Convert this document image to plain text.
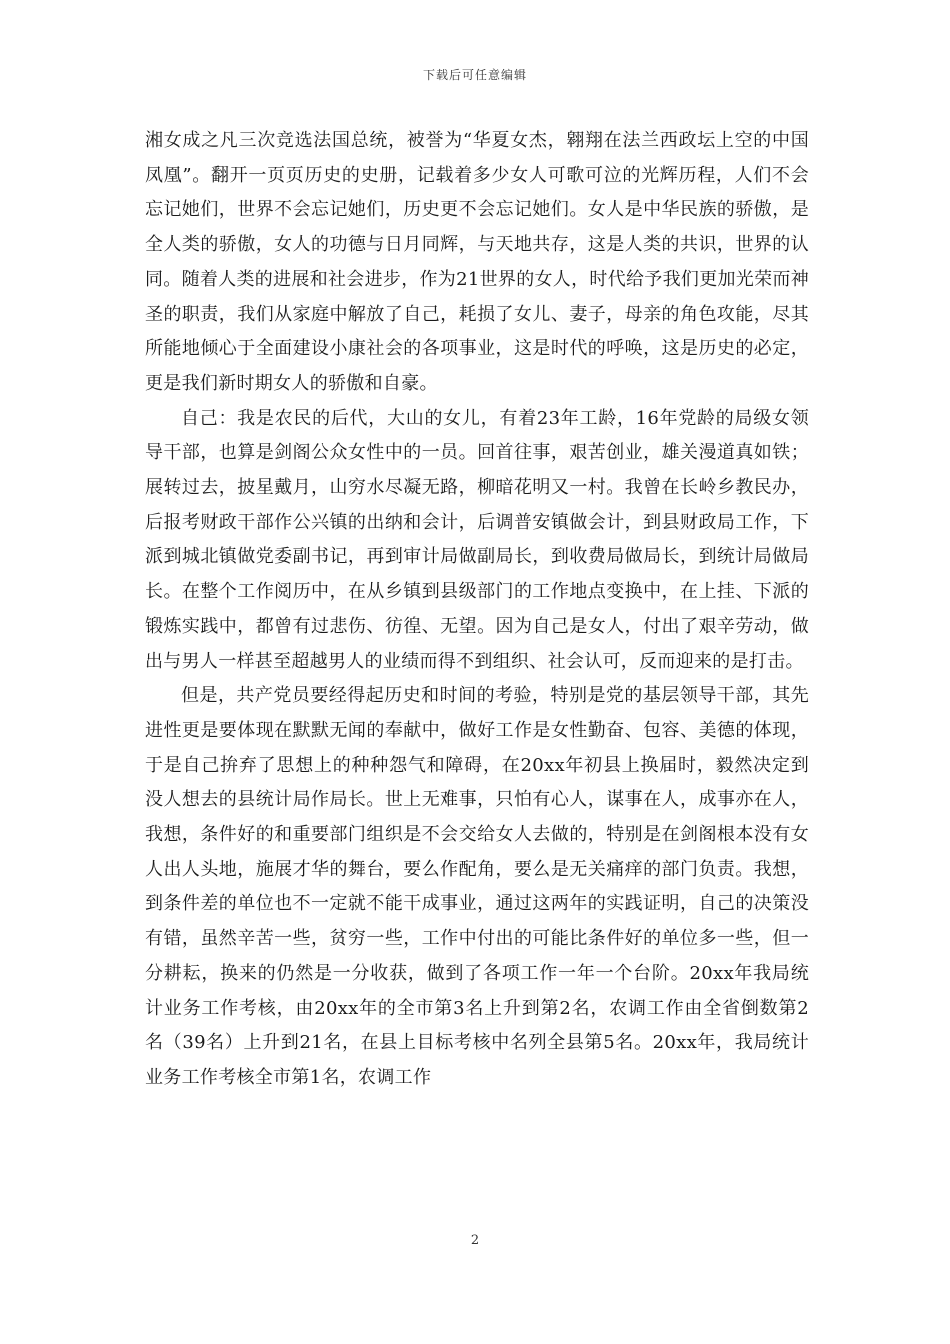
下载后可任意编辑

湘女成之凡三次竞选法国总统，被誉为“华夏女杰，翱翔在法兰西政坛上空的中国凤凰”。翻开一页页历史的史册，记载着多少女人可歌可泣的光辉历程，人们不会忘记她们，世界不会忘记她们，历史更不会忘记她们。女人是中华民族的骄傲，是全人类的骄傲，女人的功德与日月同辉，与天地共存，这是人类的共识，世界的认同。随着人类的进展和社会进步，作为21世界的女人，时代给予我们更加光荣而神圣的职责，我们从家庭中解放了自己，耗损了女儿、妻子，母亲的角色攻能，尽其所能地倾心于全面建设小康社会的各项事业，这是时代的呼唤，这是历史的必定，更是我们新时期女人的骄傲和自豪。

自己：我是农民的后代，大山的女儿，有着23年工龄，16年党龄的局级女领导干部，也算是剑阁公众女性中的一员。回首往事，艰苦创业，雄关漫道真如铁；展转过去，披星戴月，山穷水尽凝无路，柳暗花明又一村。我曾在长岭乡教民办，后报考财政干部作公兴镇的出纳和会计，后调普安镇做会计，到县财政局工作，下派到城北镇做党委副书记，再到审计局做副局长，到收费局做局长，到统计局做局长。在整个工作阅历中，在从乡镇到县级部门的工作地点变换中，在上挂、下派的锻炼实践中，都曾有过悲伤、彷徨、无望。因为自己是女人，付出了艰辛劳动，做出与男人一样甚至超越男人的业绩而得不到组织、社会认可，反而迎来的是打击。

但是，共产党员要经得起历史和时间的考验，特别是党的基层领导干部，其先进性更是要体现在默默无闻的奉献中，做好工作是女性勤奋、包容、美德的体现，于是自己拚弃了思想上的种种怨气和障碍，在20xx年初县上换届时，毅然决定到没人想去的县统计局作局长。世上无难事，只怕有心人，谋事在人，成事亦在人，我想，条件好的和重要部门组织是不会交给女人去做的，特别是在剑阁根本没有女人出人头地，施展才华的舞台，要么作配角，要么是无关痛痒的部门负责。我想，到条件差的单位也不一定就不能干成事业，通过这两年的实践证明，自己的决策没有错，虽然辛苦一些，贫穷一些，工作中付出的可能比条件好的单位多一些，但一分耕耘，换来的仍然是一分收获，做到了各项工作一年一个台阶。20xx年我局统计业务工作考核，由20xx年的全市第3名上升到第2名，农调工作由全省倒数第2名（39名）上升到21名，在县上目标考核中名列全县第5名。20xx年，我局统计业务工作考核全市第1名，农调工作

2
